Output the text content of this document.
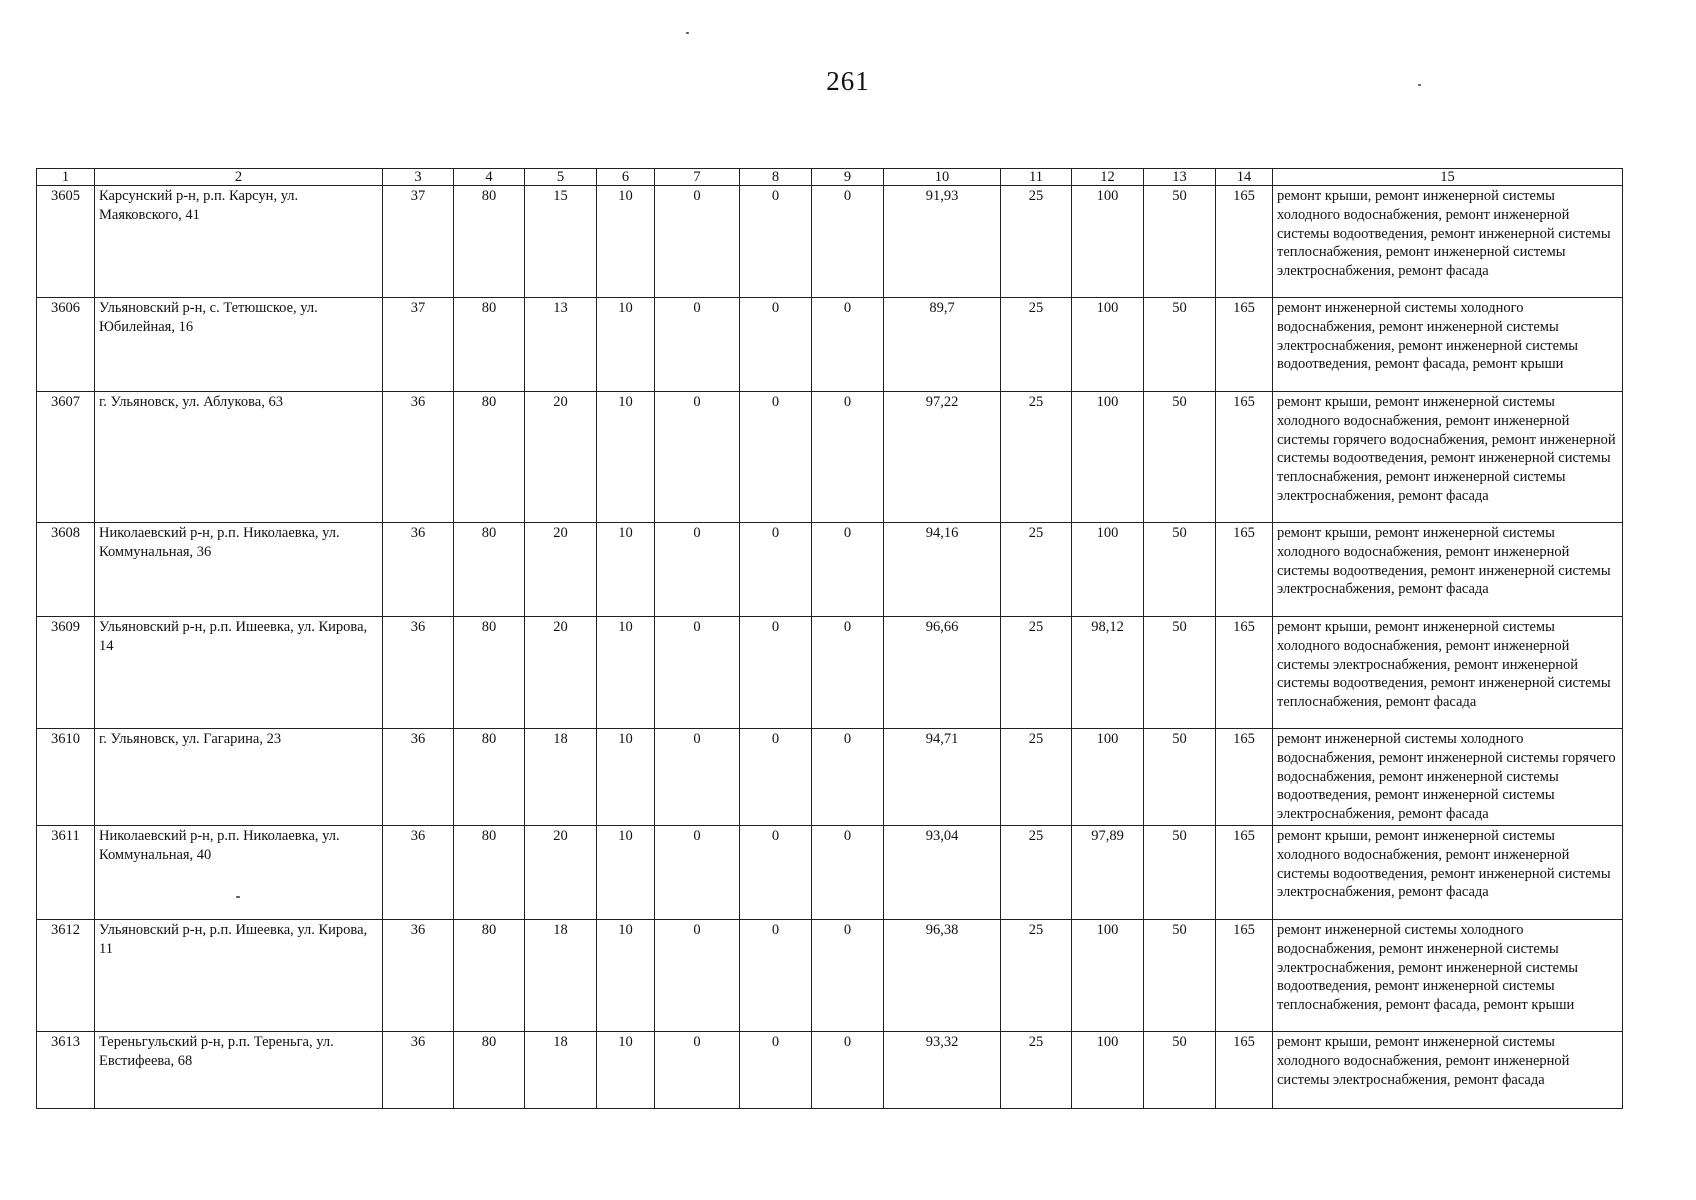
261
1	2	3	4	5	6	7	8	9	10	11	12	13	14	15
3605	Карсунский р-н, р.п. Карсун, ул. Маяковского, 41	37	80	15	10	0	0	0	91,93	25	100	50	165	ремонт крыши, ремонт инженерной системы холодного водоснабжения, ремонт инженерной системы водоотведения, ремонт инженерной системы теплоснабжения, ремонт инженерной системы электроснабжения, ремонт фасада
3606	Ульяновский р-н, с. Тетюшское, ул. Юбилейная, 16	37	80	13	10	0	0	0	89,7	25	100	50	165	ремонт инженерной системы холодного водоснабжения, ремонт инженерной системы электроснабжения, ремонт инженерной системы водоотведения, ремонт фасада, ремонт крыши
3607	г. Ульяновск, ул. Аблукова, 63	36	80	20	10	0	0	0	97,22	25	100	50	165	ремонт крыши, ремонт инженерной системы холодного водоснабжения, ремонт инженерной системы горячего водоснабжения, ремонт инженерной системы водоотведения, ремонт инженерной системы теплоснабжения, ремонт инженерной системы электроснабжения, ремонт фасада
3608	Николаевский р-н, р.п. Николаевка, ул. Коммунальная, 36	36	80	20	10	0	0	0	94,16	25	100	50	165	ремонт крыши, ремонт инженерной системы холодного водоснабжения, ремонт инженерной системы водоотведения, ремонт инженерной системы электроснабжения, ремонт фасада
3609	Ульяновский р-н, р.п. Ишеевка, ул. Кирова, 14	36	80	20	10	0	0	0	96,66	25	98,12	50	165	ремонт крыши, ремонт инженерной системы холодного водоснабжения, ремонт инженерной системы электроснабжения, ремонт инженерной системы водоотведения, ремонт инженерной системы теплоснабжения, ремонт фасада
3610	г. Ульяновск, ул. Гагарина, 23	36	80	18	10	0	0	0	94,71	25	100	50	165	ремонт инженерной системы холодного водоснабжения, ремонт инженерной системы горячего водоснабжения, ремонт инженерной системы водоотведения, ремонт инженерной системы электроснабжения, ремонт фасада
3611	Николаевский р-н, р.п. Николаевка, ул. Коммунальная, 40	36	80	20	10	0	0	0	93,04	25	97,89	50	165	ремонт крыши, ремонт инженерной системы холодного водоснабжения, ремонт инженерной системы водоотведения, ремонт инженерной системы электроснабжения, ремонт фасада
3612	Ульяновский р-н, р.п. Ишеевка, ул. Кирова, 11	36	80	18	10	0	0	0	96,38	25	100	50	165	ремонт инженерной системы холодного водоснабжения, ремонт инженерной системы электроснабжения, ремонт инженерной системы водоотведения, ремонт инженерной системы теплоснабжения, ремонт фасада, ремонт крыши
3613	Тереньгульский р-н, р.п. Тереньга, ул. Евстифеева, 68	36	80	18	10	0	0	0	93,32	25	100	50	165	ремонт крыши, ремонт инженерной системы холодного водоснабжения, ремонт инженерной системы электроснабжения, ремонт фасада
